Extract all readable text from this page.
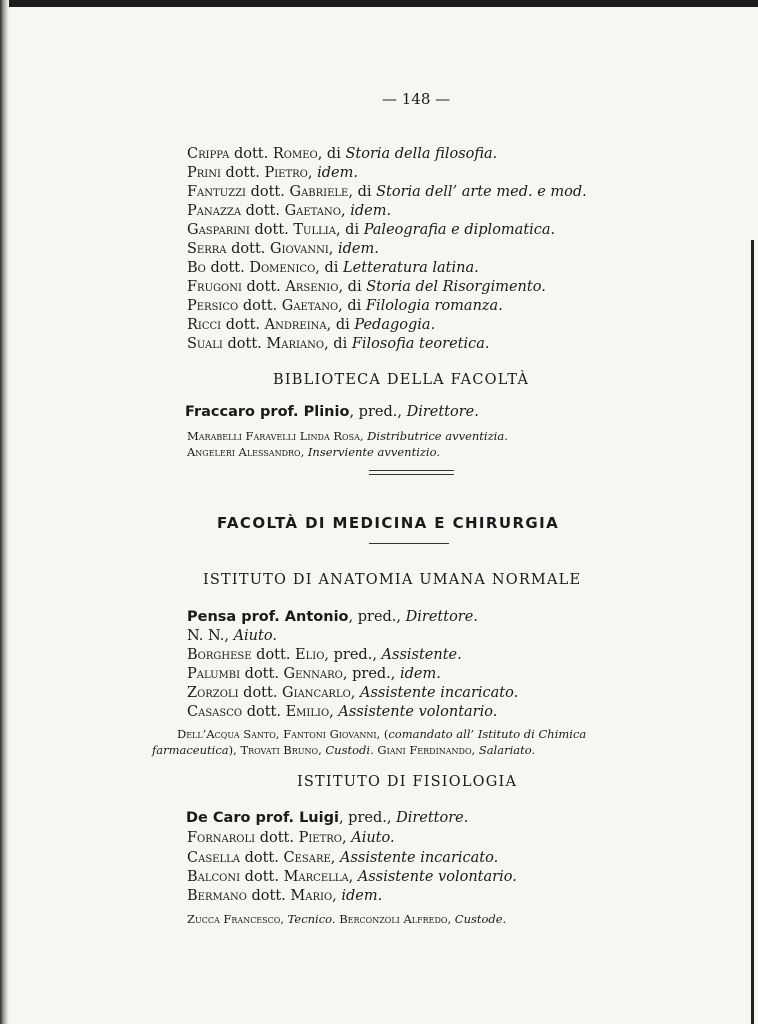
— 148 —
Crippa dott. Romeo, di Storia della filosofia.
Prini dott. Pietro, idem.
Fantuzzi dott. Gabriele, di Storia dell’ arte med. e mod.
Panazza dott. Gaetano, idem.
Gasparini dott. Tullia, di Paleografia e diplomatica.
Serra dott. Giovanni, idem.
Bo dott. Domenico, di Letteratura latina.
Frugoni dott. Arsenio, di Storia del Risorgimento.
Persico dott. Gaetano, di Filologia romanza.
Ricci dott. Andreina, di Pedagogia.
Suali dott. Mariano, di Filosofia teoretica.
BIBLIOTECA DELLA FACOLTÀ
Fraccaro prof. Plinio, pred., Direttore.
Marabelli Faravelli Linda Rosa, Distributrice avventizia.
Angeleri Alessandro, Inserviente avventizio.
FACOLTÀ DI MEDICINA E CHIRURGIA
ISTITUTO DI ANATOMIA UMANA NORMALE
Pensa prof. Antonio, pred., Direttore.
N. N., Aiuto.
Borghese dott. Elio, pred., Assistente.
Palumbi dott. Gennaro, pred., idem.
Zorzoli dott. Giancarlo, Assistente incaricato.
Casasco dott. Emilio, Assistente volontario.
Dell’Acqua Santo, Fantoni Giovanni, (comandato all’ Istituto di Chimica
farmaceutica), Trovati Bruno, Custodi. Giani Ferdinando, Salariato.
ISTITUTO DI FISIOLOGIA
De Caro prof. Luigi, pred., Direttore.
Fornaroli dott. Pietro, Aiuto.
Casella dott. Cesare, Assistente incaricato.
Balconi dott. Marcella, Assistente volontario.
Bermano dott. Mario, idem.
Zucca Francesco, Tecnico. Berconzoli Alfredo, Custode.
